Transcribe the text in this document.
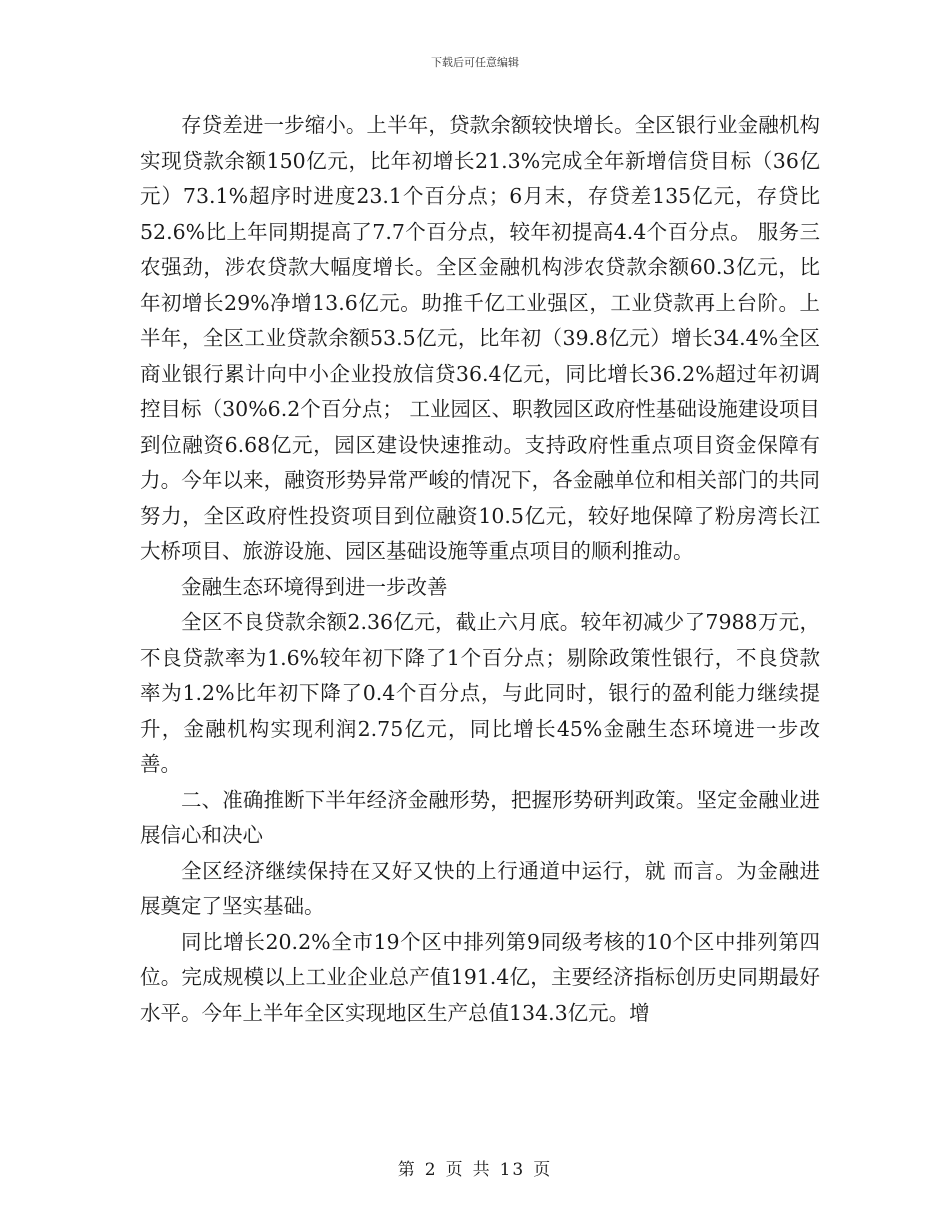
下载后可任意编辑

存贷差进一步缩小。上半年，贷款余额较快增长。全区银行业金融机构实现贷款余额150亿元，比年初增长21.3%完成全年新增信贷目标（36亿元）73.1%超序时进度23.1个百分点；6月末，存贷差135亿元，存贷比52.6%比上年同期提高了7.7个百分点，较年初提高4.4个百分点。 服务三农强劲，涉农贷款大幅度增长。全区金融机构涉农贷款余额60.3亿元，比年初增长29%净增13.6亿元。助推千亿工业强区，工业贷款再上台阶。上半年，全区工业贷款余额53.5亿元，比年初（39.8亿元）增长34.4%全区商业银行累计向中小企业投放信贷36.4亿元，同比增长36.2%超过年初调控目标（30%6.2个百分点； 工业园区、职教园区政府性基础设施建设项目到位融资6.68亿元，园区建设快速推动。支持政府性重点项目资金保障有力。今年以来，融资形势异常严峻的情况下，各金融单位和相关部门的共同努力，全区政府性投资项目到位融资10.5亿元，较好地保障了粉房湾长江大桥项目、旅游设施、园区基础设施等重点项目的顺利推动。

金融生态环境得到进一步改善

全区不良贷款余额2.36亿元，截止六月底。较年初减少了7988万元，不良贷款率为1.6%较年初下降了1个百分点；剔除政策性银行，不良贷款率为1.2%比年初下降了0.4个百分点，与此同时，银行的盈利能力继续提升，金融机构实现利润2.75亿元，同比增长45%金融生态环境进一步改善。

二、准确推断下半年经济金融形势，把握形势研判政策。坚定金融业进展信心和决心

全区经济继续保持在又好又快的上行通道中运行，就 而言。为金融进展奠定了坚实基础。

同比增长20.2%全市19个区中排列第9同级考核的10个区中排列第四位。完成规模以上工业企业总产值191.4亿，主要经济指标创历史同期最好水平。今年上半年全区实现地区生产总值134.3亿元。增

第 2 页 共 13 页
